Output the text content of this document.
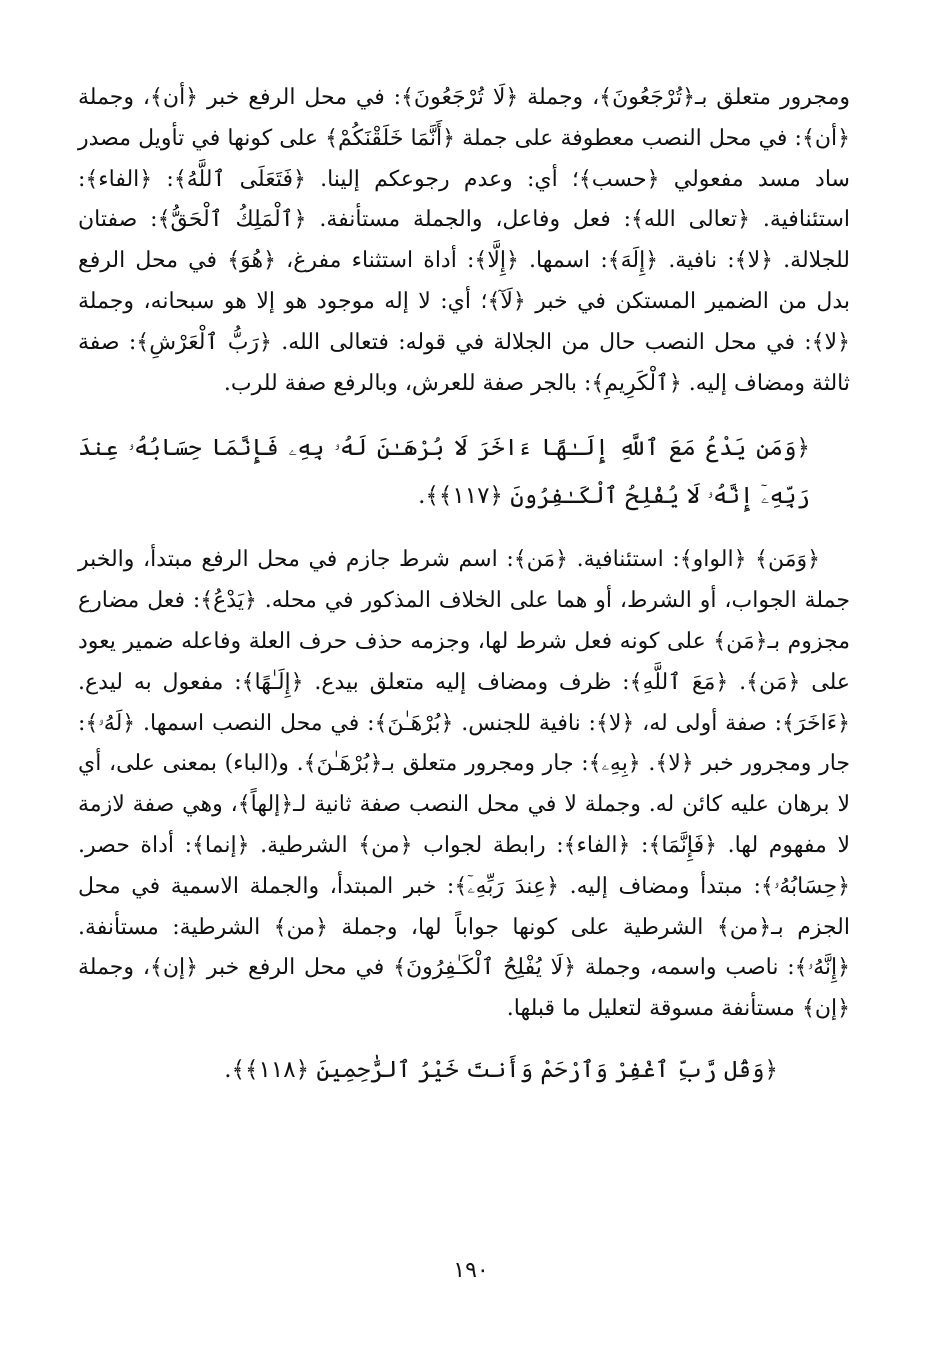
ومجرور متعلق بـ﴿تُرْجَعُونَ﴾، وجملة ﴿لَا تُرْجَعُونَ﴾: في محل الرفع خبر ﴿أن﴾، وجملة ﴿أن﴾: في محل النصب معطوفة على جملة ﴿أَنَّمَا خَلَقْنَكُمْ﴾ على كونها في تأويل مصدر ساد مسد مفعولي ﴿حسب﴾؛ أي: وعدم رجوعكم إلينا. ﴿فَتَعَلَى ٱللَّهُ﴾: ﴿الفاء﴾: استئنافية. ﴿تعالى الله﴾: فعل وفاعل، والجملة مستأنفة. ﴿ٱلْمَلِكُ ٱلْحَقُّ﴾: صفتان للجلالة. ﴿لا﴾: نافية. ﴿إِلَهَ﴾: اسمها. ﴿إِلَّا﴾: أداة استثناء مفرغ، ﴿هُوَ﴾ في محل الرفع بدل من الضمير المستكن في خبر ﴿لَآ﴾؛ أي: لا إله موجود هو إلا هو سبحانه، وجملة ﴿لا﴾: في محل النصب حال من الجلالة في قوله: فتعالى الله. ﴿رَبُّ ٱلْعَرْشِ﴾: صفة ثالثة ومضاف إليه. ﴿ٱلْكَرِيمِ﴾: بالجر صفة للعرش، وبالرفع صفة للرب.

﴿وَمَن يَدْعُ مَعَ ٱللَّهِ إِلَـٰهًا ءَاخَرَ لَا بُرْهَـٰنَ لَهُۥ بِهِۦ فَإِنَّمَا حِسَابُهُۥ عِندَ رَبِّهِۦٓ إِنَّهُۥ لَا يُفْلِحُ ٱلْكَـٰفِرُونَ ﴿١١٧﴾﴾.

﴿وَمَن﴾ ﴿الواو﴾: استئنافية. ﴿مَن﴾: اسم شرط جازم في محل الرفع مبتدأ، والخبر جملة الجواب، أو الشرط، أو هما على الخلاف المذكور في محله. ﴿يَدْعُ﴾: فعل مضارع مجزوم بـ﴿مَن﴾ على كونه فعل شرط لها، وجزمه حذف حرف العلة وفاعله ضمير يعود على ﴿مَن﴾. ﴿مَعَ ٱللَّهِ﴾: ظرف ومضاف إليه متعلق بيدع. ﴿إِلَـٰهًا﴾: مفعول به ليدع. ﴿ءَاخَرَ﴾: صفة أولى له، ﴿لا﴾: نافية للجنس. ﴿بُرْهَـٰنَ﴾: في محل النصب اسمها. ﴿لَهُۥ﴾: جار ومجرور خبر ﴿لا﴾. ﴿بِهِۦ﴾: جار ومجرور متعلق بـ﴿بُرْهَـٰنَ﴾. و(الباء) بمعنى على، أي لا برهان عليه كائن له. وجملة لا في محل النصب صفة ثانية لـ﴿إلهاً﴾، وهي صفة لازمة لا مفهوم لها. ﴿فَإِنَّمَا﴾: ﴿الفاء﴾: رابطة لجواب ﴿من﴾ الشرطية. ﴿إنما﴾: أداة حصر. ﴿حِسَابُهُۥ﴾: مبتدأ ومضاف إليه. ﴿عِندَ رَبِّهِۦٓ﴾: خبر المبتدأ، والجملة الاسمية في محل الجزم بـ﴿من﴾ الشرطية على كونها جواباً لها، وجملة ﴿من﴾ الشرطية: مستأنفة. ﴿إِنَّهُۥ﴾: ناصب واسمه، وجملة ﴿لَا يُفْلِحُ ٱلْكَـٰفِرُونَ﴾ في محل الرفع خبر ﴿إن﴾، وجملة ﴿إن﴾ مستأنفة مسوقة لتعليل ما قبلها.

﴿وَقُل رَّبِّ ٱغْفِرْ وَٱرْحَمْ وَأَنتَ خَيْرُ ٱلرَّٰحِمِينَ ﴿١١٨﴾﴾.

١٩٠
